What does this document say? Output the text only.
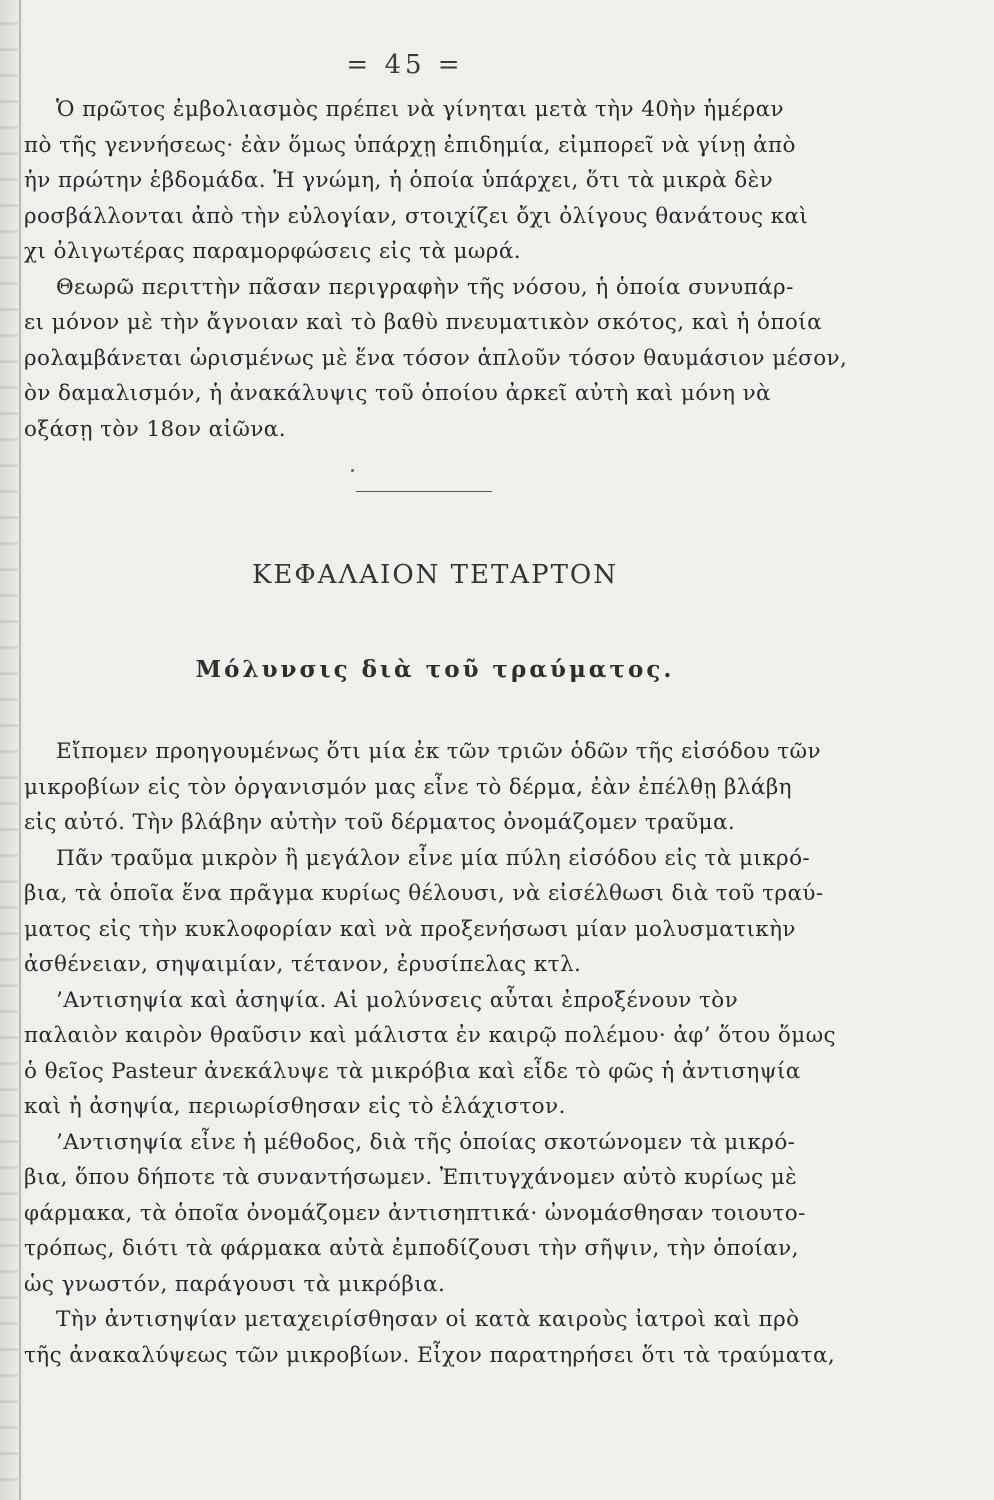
= 45 =
Ὁ πρῶτος ἐμβολιασμὸς πρέπει νὰ γίνηται μετὰ τὴν 40ὴν ἡμέραν
πὸ τῆς γεννήσεως· ἐὰν ὅμως ὑπάρχῃ ἐπιδημία, εἰμπορεῖ νὰ γίνῃ ἀπὸ
ἡν πρώτην ἑβδομάδα. Ἡ γνώμη, ἡ ὁποία ὑπάρχει, ὅτι τὰ μικρὰ δὲν
ροσβάλλονται ἀπὸ τὴν εὐλογίαν, στοιχίζει ὄχι ὀλίγους θανάτους καὶ
χι ὀλιγωτέρας παραμορφώσεις εἰς τὰ μωρά.
Θεωρῶ περιττὴν πᾶσαν περιγραφὴν τῆς νόσου, ἡ ὁποία συνυπάρ-
ει μόνον μὲ τὴν ἄγνοιαν καὶ τὸ βαθὺ πνευματικὸν σκότος, καὶ ἡ ὁποία
ρολαμβάνεται ὡρισμένως μὲ ἕνα τόσον ἁπλοῦν τόσον θαυμάσιον μέσον,
ὸν δαμαλισμόν, ἡ ἀνακάλυψις τοῦ ὁποίου ἀρκεῖ αὐτὴ καὶ μόνη νὰ
οξάσῃ τὸν 18ον αἰῶνα.
ΚΕΦΑΛΑΙΟΝ ΤΕΤΑΡΤΟΝ
Μόλυνσις διὰ τοῦ τραύματος.
Εἴπομεν προηγουμένως ὅτι μία ἐκ τῶν τριῶν ὁδῶν τῆς εἰσόδου τῶν
μικροβίων εἰς τὸν ὀργανισμόν μας εἶνε τὸ δέρμα, ἐὰν ἐπέλθῃ βλάβη
εἰς αὐτό. Τὴν βλάβην αὐτὴν τοῦ δέρματος ὀνομάζομεν τραῦμα.
Πᾶν τραῦμα μικρὸν ἢ μεγάλον εἶνε μία πύλη εἰσόδου εἰς τὰ μικρό-
βια, τὰ ὁποῖα ἕνα πρᾶγμα κυρίως θέλουσι, νὰ εἰσέλθωσι διὰ τοῦ τραύ-
ματος εἰς τὴν κυκλοφορίαν καὶ νὰ προξενήσωσι μίαν μολυσματικὴν
ἀσθένειαν, σηψαιμίαν, τέτανον, ἐρυσίπελας κτλ.
’Αντισηψία καὶ ἀσηψία. Αἱ μολύνσεις αὗται ἐπροξένουν τὸν
παλαιὸν καιρὸν θραῦσιν καὶ μάλιστα ἐν καιρῷ πολέμου· ἀφ’ ὅτου ὅμως
ὁ θεῖος Pasteur ἀνεκάλυψε τὰ μικρόβια καὶ εἶδε τὸ φῶς ἡ ἀντισηψία
καὶ ἡ ἀσηψία, περιωρίσθησαν εἰς τὸ ἐλάχιστον.
’Αντισηψία εἶνε ἡ μέθοδος, διὰ τῆς ὁποίας σκοτώνομεν τὰ μικρό-
βια, ὅπου δήποτε τὰ συναντήσωμεν. Ἐπιτυγχάνομεν αὐτὸ κυρίως μὲ
φάρμακα, τὰ ὁποῖα ὀνομάζομεν ἀντισηπτικά· ὠνομάσθησαν τοιουτο-
τρόπως, διότι τὰ φάρμακα αὐτὰ ἐμποδίζουσι τὴν σῆψιν, τὴν ὁποίαν,
ὡς γνωστόν, παράγουσι τὰ μικρόβια.
Τὴν ἀντισηψίαν μεταχειρίσθησαν οἱ κατὰ καιροὺς ἰατροὶ καὶ πρὸ
τῆς ἀνακαλύψεως τῶν μικροβίων. Εἶχον παρατηρήσει ὅτι τὰ τραύματα,
